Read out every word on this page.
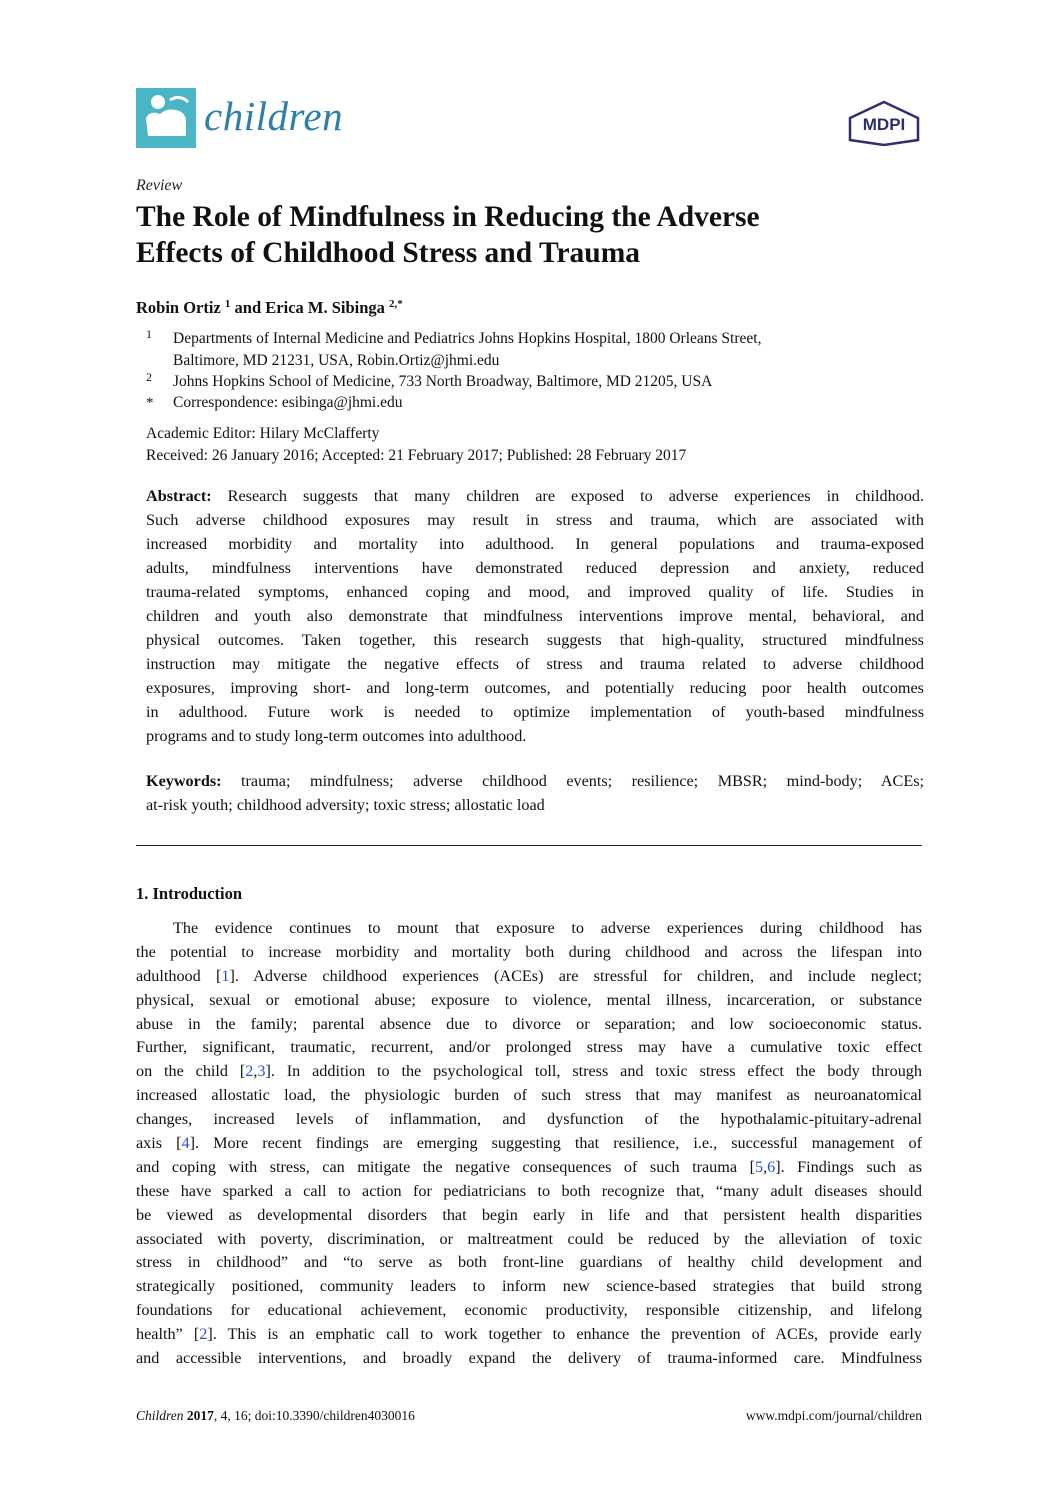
children	MDPI
Review
The Role of Mindfulness in Reducing the Adverse
Effects of Childhood Stress and Trauma
Robin Ortiz $^1$ and Erica M. Sibinga $^{2,*}$
1 Departments of Internal Medicine and Pediatrics Johns Hopkins Hospital, 1800 Orleans Street,
Baltimore, MD 21231, USA, Robin.Ortiz@jhmi.edu
2 Johns Hopkins School of Medicine, 733 North Broadway, Baltimore, MD 21205, USA
* Correspondence: esibinga@jhmi.edu
Academic Editor: Hilary McClafferty
Received: 26 January 2016; Accepted: 21 February 2017; Published: 28 February 2017
Abstract: Research suggests that many children are exposed to adverse experiences in childhood.
Such adverse childhood exposures may result in stress and trauma, which are associated with
increased morbidity and mortality into adulthood. In general populations and trauma-exposed
adults, mindfulness interventions have demonstrated reduced depression and anxiety, reduced
trauma-related symptoms, enhanced coping and mood, and improved quality of life. Studies in
children and youth also demonstrate that mindfulness interventions improve mental, behavioral, and
physical outcomes. Taken together, this research suggests that high-quality, structured mindfulness
instruction may mitigate the negative effects of stress and trauma related to adverse childhood
exposures, improving short- and long-term outcomes, and potentially reducing poor health outcomes
in adulthood. Future work is needed to optimize implementation of youth-based mindfulness
programs and to study long-term outcomes into adulthood.
Keywords: trauma; mindfulness; adverse childhood events; resilience; MBSR; mind-body; ACEs;
at-risk youth; childhood adversity; toxic stress; allostatic load
1. Introduction
The evidence continues to mount that exposure to adverse experiences during childhood has
the potential to increase morbidity and mortality both during childhood and across the lifespan into
adulthood [1]. Adverse childhood experiences (ACEs) are stressful for children, and include neglect;
physical, sexual or emotional abuse; exposure to violence, mental illness, incarceration, or substance
abuse in the family; parental absence due to divorce or separation; and low socioeconomic status.
Further, significant, traumatic, recurrent, and/or prolonged stress may have a cumulative toxic effect
on the child [2,3]. In addition to the psychological toll, stress and toxic stress effect the body through
increased allostatic load, the physiologic burden of such stress that may manifest as neuroanatomical
changes, increased levels of inflammation, and dysfunction of the hypothalamic-pituitary-adrenal
axis [4]. More recent findings are emerging suggesting that resilience, i.e., successful management of
and coping with stress, can mitigate the negative consequences of such trauma [5,6]. Findings such as
these have sparked a call to action for pediatricians to both recognize that, “many adult diseases should
be viewed as developmental disorders that begin early in life and that persistent health disparities
associated with poverty, discrimination, or maltreatment could be reduced by the alleviation of toxic
stress in childhood” and “to serve as both front-line guardians of healthy child development and
strategically positioned, community leaders to inform new science-based strategies that build strong
foundations for educational achievement, economic productivity, responsible citizenship, and lifelong
health” [2]. This is an emphatic call to work together to enhance the prevention of ACEs, provide early
and accessible interventions, and broadly expand the delivery of trauma-informed care. Mindfulness
Children 2017, 4, 16; doi:10.3390/children4030016	www.mdpi.com/journal/children
